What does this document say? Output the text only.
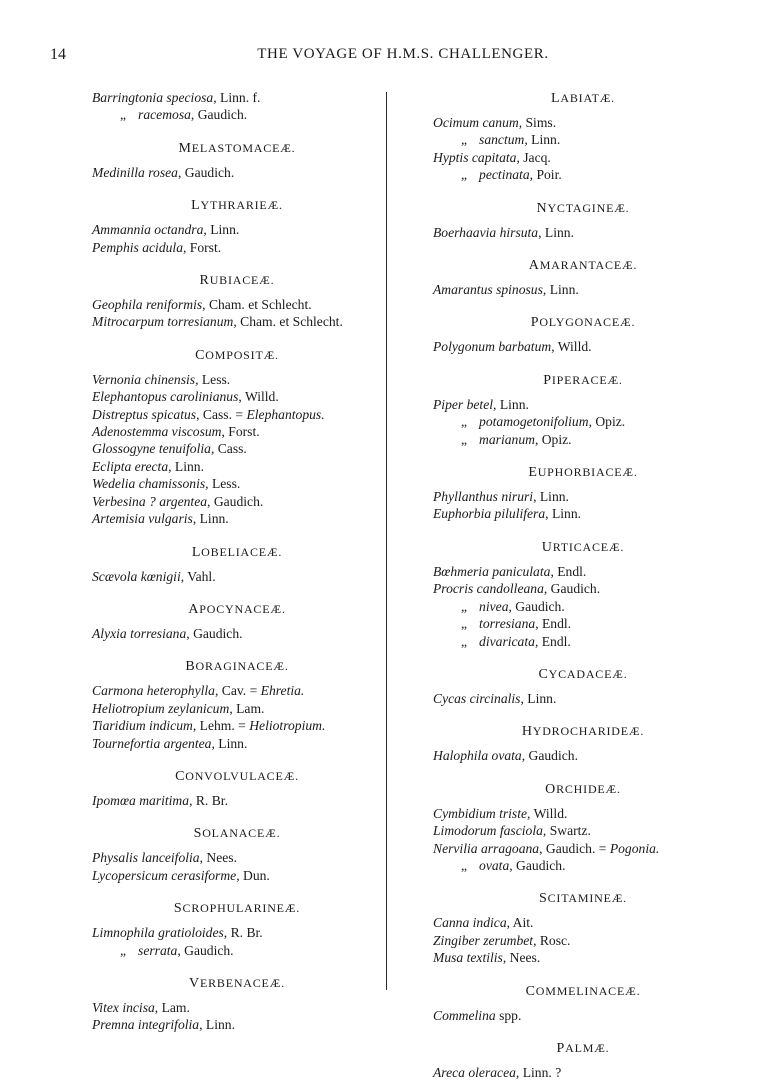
14	THE VOYAGE OF H.M.S. CHALLENGER.
Barringtonia speciosa, Linn. f.
„ racemosa, Gaudich.
MELASTOMACEÆ.
Medinilla rosea, Gaudich.
LYTHRARIEÆ.
Ammannia octandra, Linn.
Pemphis acidula, Forst.
RUBIACEÆ.
Geophila reniformis, Cham. et Schlecht.
Mitrocarpum torresianum, Cham. et Schlecht.
COMPOSITÆ.
Vernonia chinensis, Less.
Elephantopus carolinianus, Willd.
Distreptus spicatus, Cass. = Elephantopus.
Adenostemma viscosum, Forst.
Glossogyne tenuifolia, Cass.
Eclipta erecta, Linn.
Wedelia chamissonis, Less.
Verbesina ? argentea, Gaudich.
Artemisia vulgaris, Linn.
LOBELIACEÆ.
Scævola kœnigii, Vahl.
APOCYNACEÆ.
Alyxia torresiana, Gaudich.
BORAGINACEÆ.
Carmona heterophylla, Cav. = Ehretia.
Heliotropium zeylanicum, Lam.
Tiaridium indicum, Lehm. = Heliotropium.
Tournefortia argentea, Linn.
CONVOLVULACEÆ.
Ipomœa maritima, R. Br.
SOLANACEÆ.
Physalis lanceifolia, Nees.
Lycopersicum cerasiforme, Dun.
SCROPHULARINEÆ.
Limnophila gratioloides, R. Br.
„ serrata, Gaudich.
VERBENACEÆ.
Vitex incisa, Lam.
Premna integrifolia, Linn.
LABIATÆ.
Ocimum canum, Sims.
„ sanctum, Linn.
Hyptis capitata, Jacq.
„ pectinata, Poir.
NYCTAGINEÆ.
Boerhaavia hirsuta, Linn.
AMARANTACEÆ.
Amarantus spinosus, Linn.
POLYGONACEÆ.
Polygonum barbatum, Willd.
PIPERACEÆ.
Piper betel, Linn.
„ potamogetonifolium, Opiz.
„ marianum, Opiz.
EUPHORBIACEÆ.
Phyllanthus niruri, Linn.
Euphorbia pilulifera, Linn.
URTICACEÆ.
Bœhmeria paniculata, Endl.
Procris candolleana, Gaudich.
„ nivea, Gaudich.
„ torresiana, Endl.
„ divaricata, Endl.
CYCADACEÆ.
Cycas circinalis, Linn.
HYDROCHARIDEÆ.
Halophila ovata, Gaudich.
ORCHIDEÆ.
Cymbidium triste, Willd.
Limodorum fasciola, Swartz.
Nervilia arragoana, Gaudich. = Pogonia.
„ ovata, Gaudich.
SCITAMINEÆ.
Canna indica, Ait.
Zingiber zerumbet, Rosc.
Musa textilis, Nees.
COMMELINACEÆ.
Commelina spp.
PALMÆ.
Areca oleracea, Linn. ?
